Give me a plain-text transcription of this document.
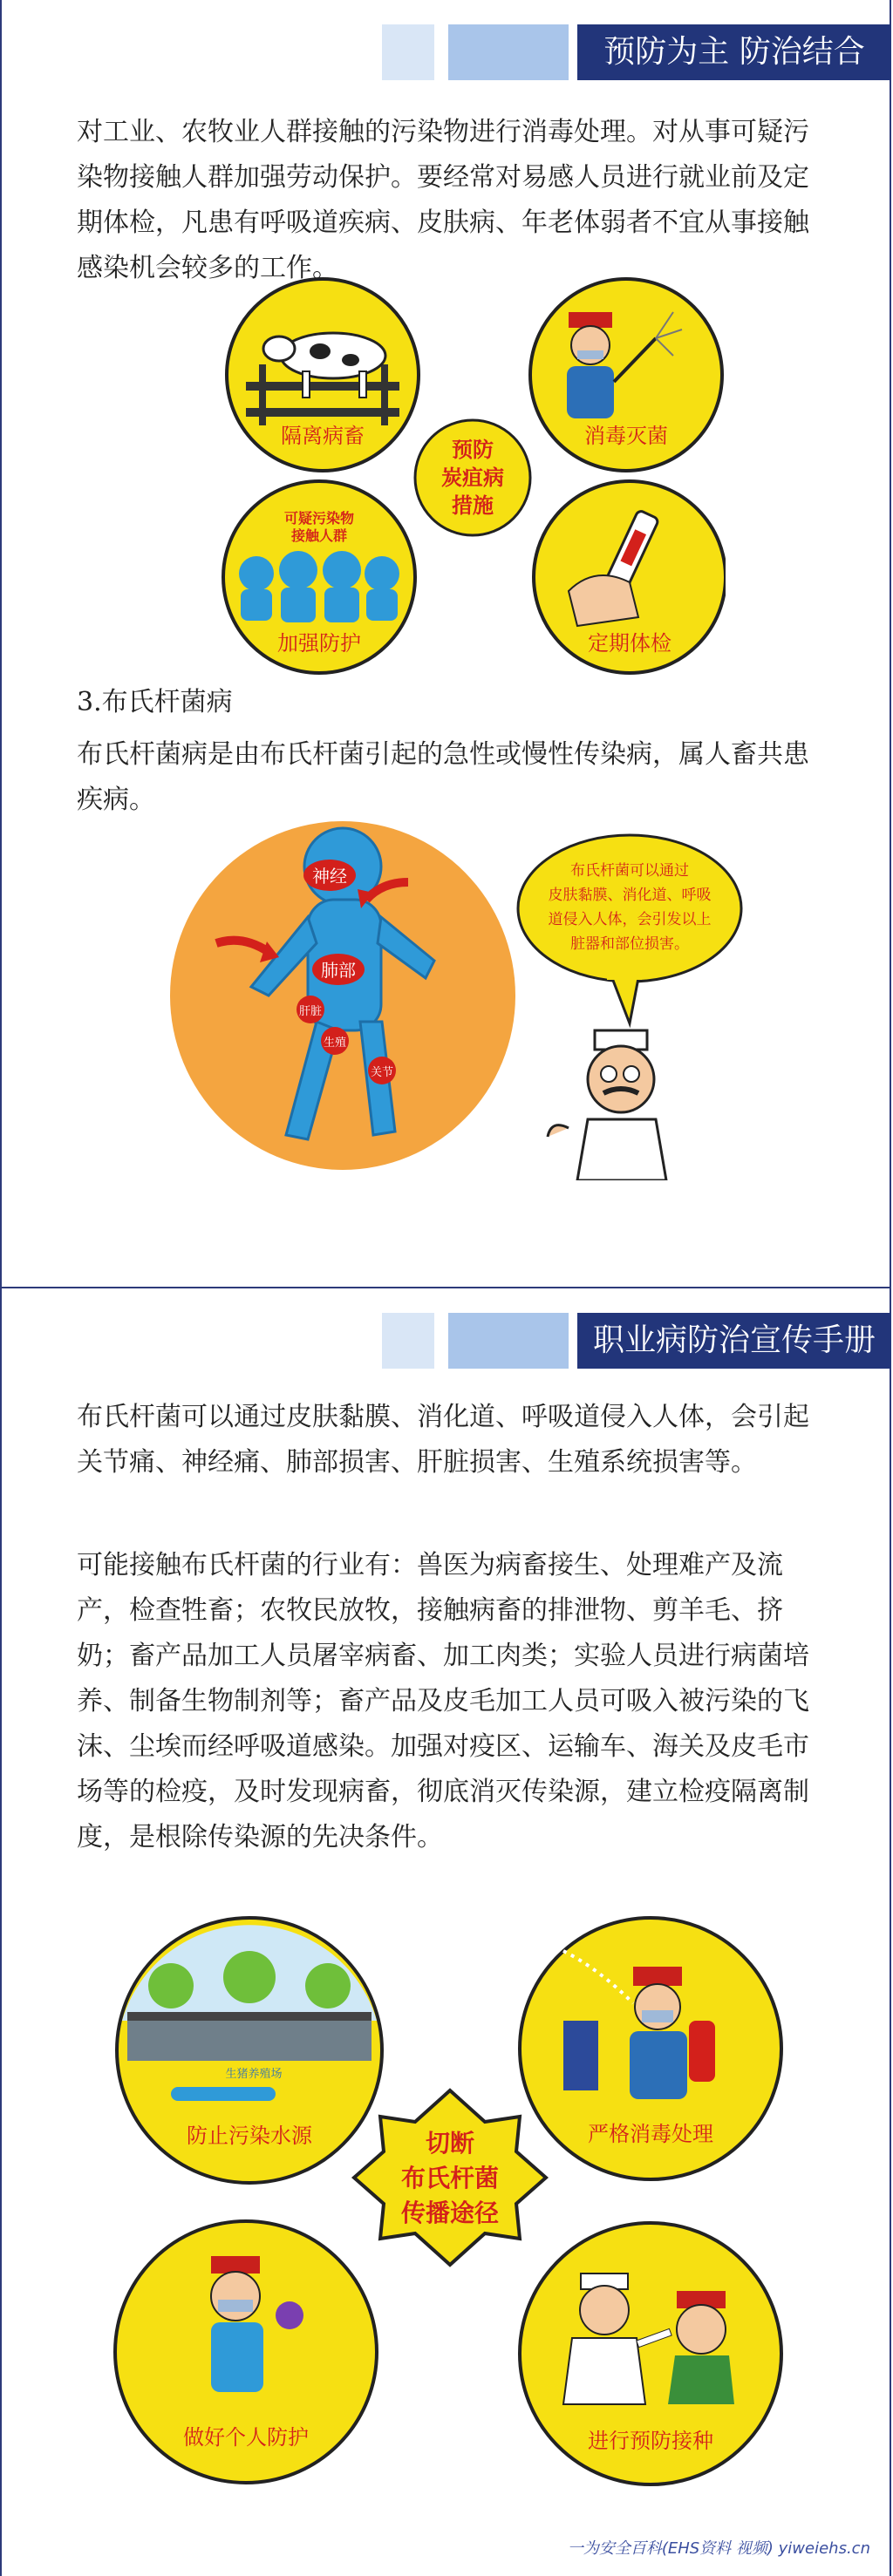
预防为主 防治结合

对工业、农牧业人群接触的污染物进行消毒处理。对从事可疑污染物接触人群加强劳动保护。要经常对易感人员进行就业前及定期体检，凡患有呼吸道疾病、皮肤病、年老体弱者不宜从事接触感染机会较多的工作。

隔离病畜	消毒灭菌
预防
炭疽病
措施
可疑污染物
接触人群
加强防护	定期体检

3.布氏杆菌病

布氏杆菌病是由布氏杆菌引起的急性或慢性传染病，属人畜共患疾病。

神经
肺部
肝脏
生殖
关节
布氏杆菌可以通过
皮肤黏膜、消化道、呼吸
道侵入人体，会引发以上
脏器和部位损害。
职业病防治宣传手册

布氏杆菌可以通过皮肤黏膜、消化道、呼吸道侵入人体，会引起关节痛、神经痛、肺部损害、肝脏损害、生殖系统损害等。

可能接触布氏杆菌的行业有：兽医为病畜接生、处理难产及流产，检查牲畜；农牧民放牧，接触病畜的排泄物、剪羊毛、挤奶；畜产品加工人员屠宰病畜、加工肉类；实验人员进行病菌培养、制备生物制剂等；畜产品及皮毛加工人员可吸入被污染的飞沫、尘埃而经呼吸道感染。加强对疫区、运输车、海关及皮毛市场等的检疫，及时发现病畜，彻底消灭传染源，建立检疫隔离制度，是根除传染源的先决条件。

生猪养殖场
防止污染水源	严格消毒处理
切断
布氏杆菌
传播途径
做好个人防护	进行预防接种
一为安全百科(EHS资料 视频) yiweiehs.cn
